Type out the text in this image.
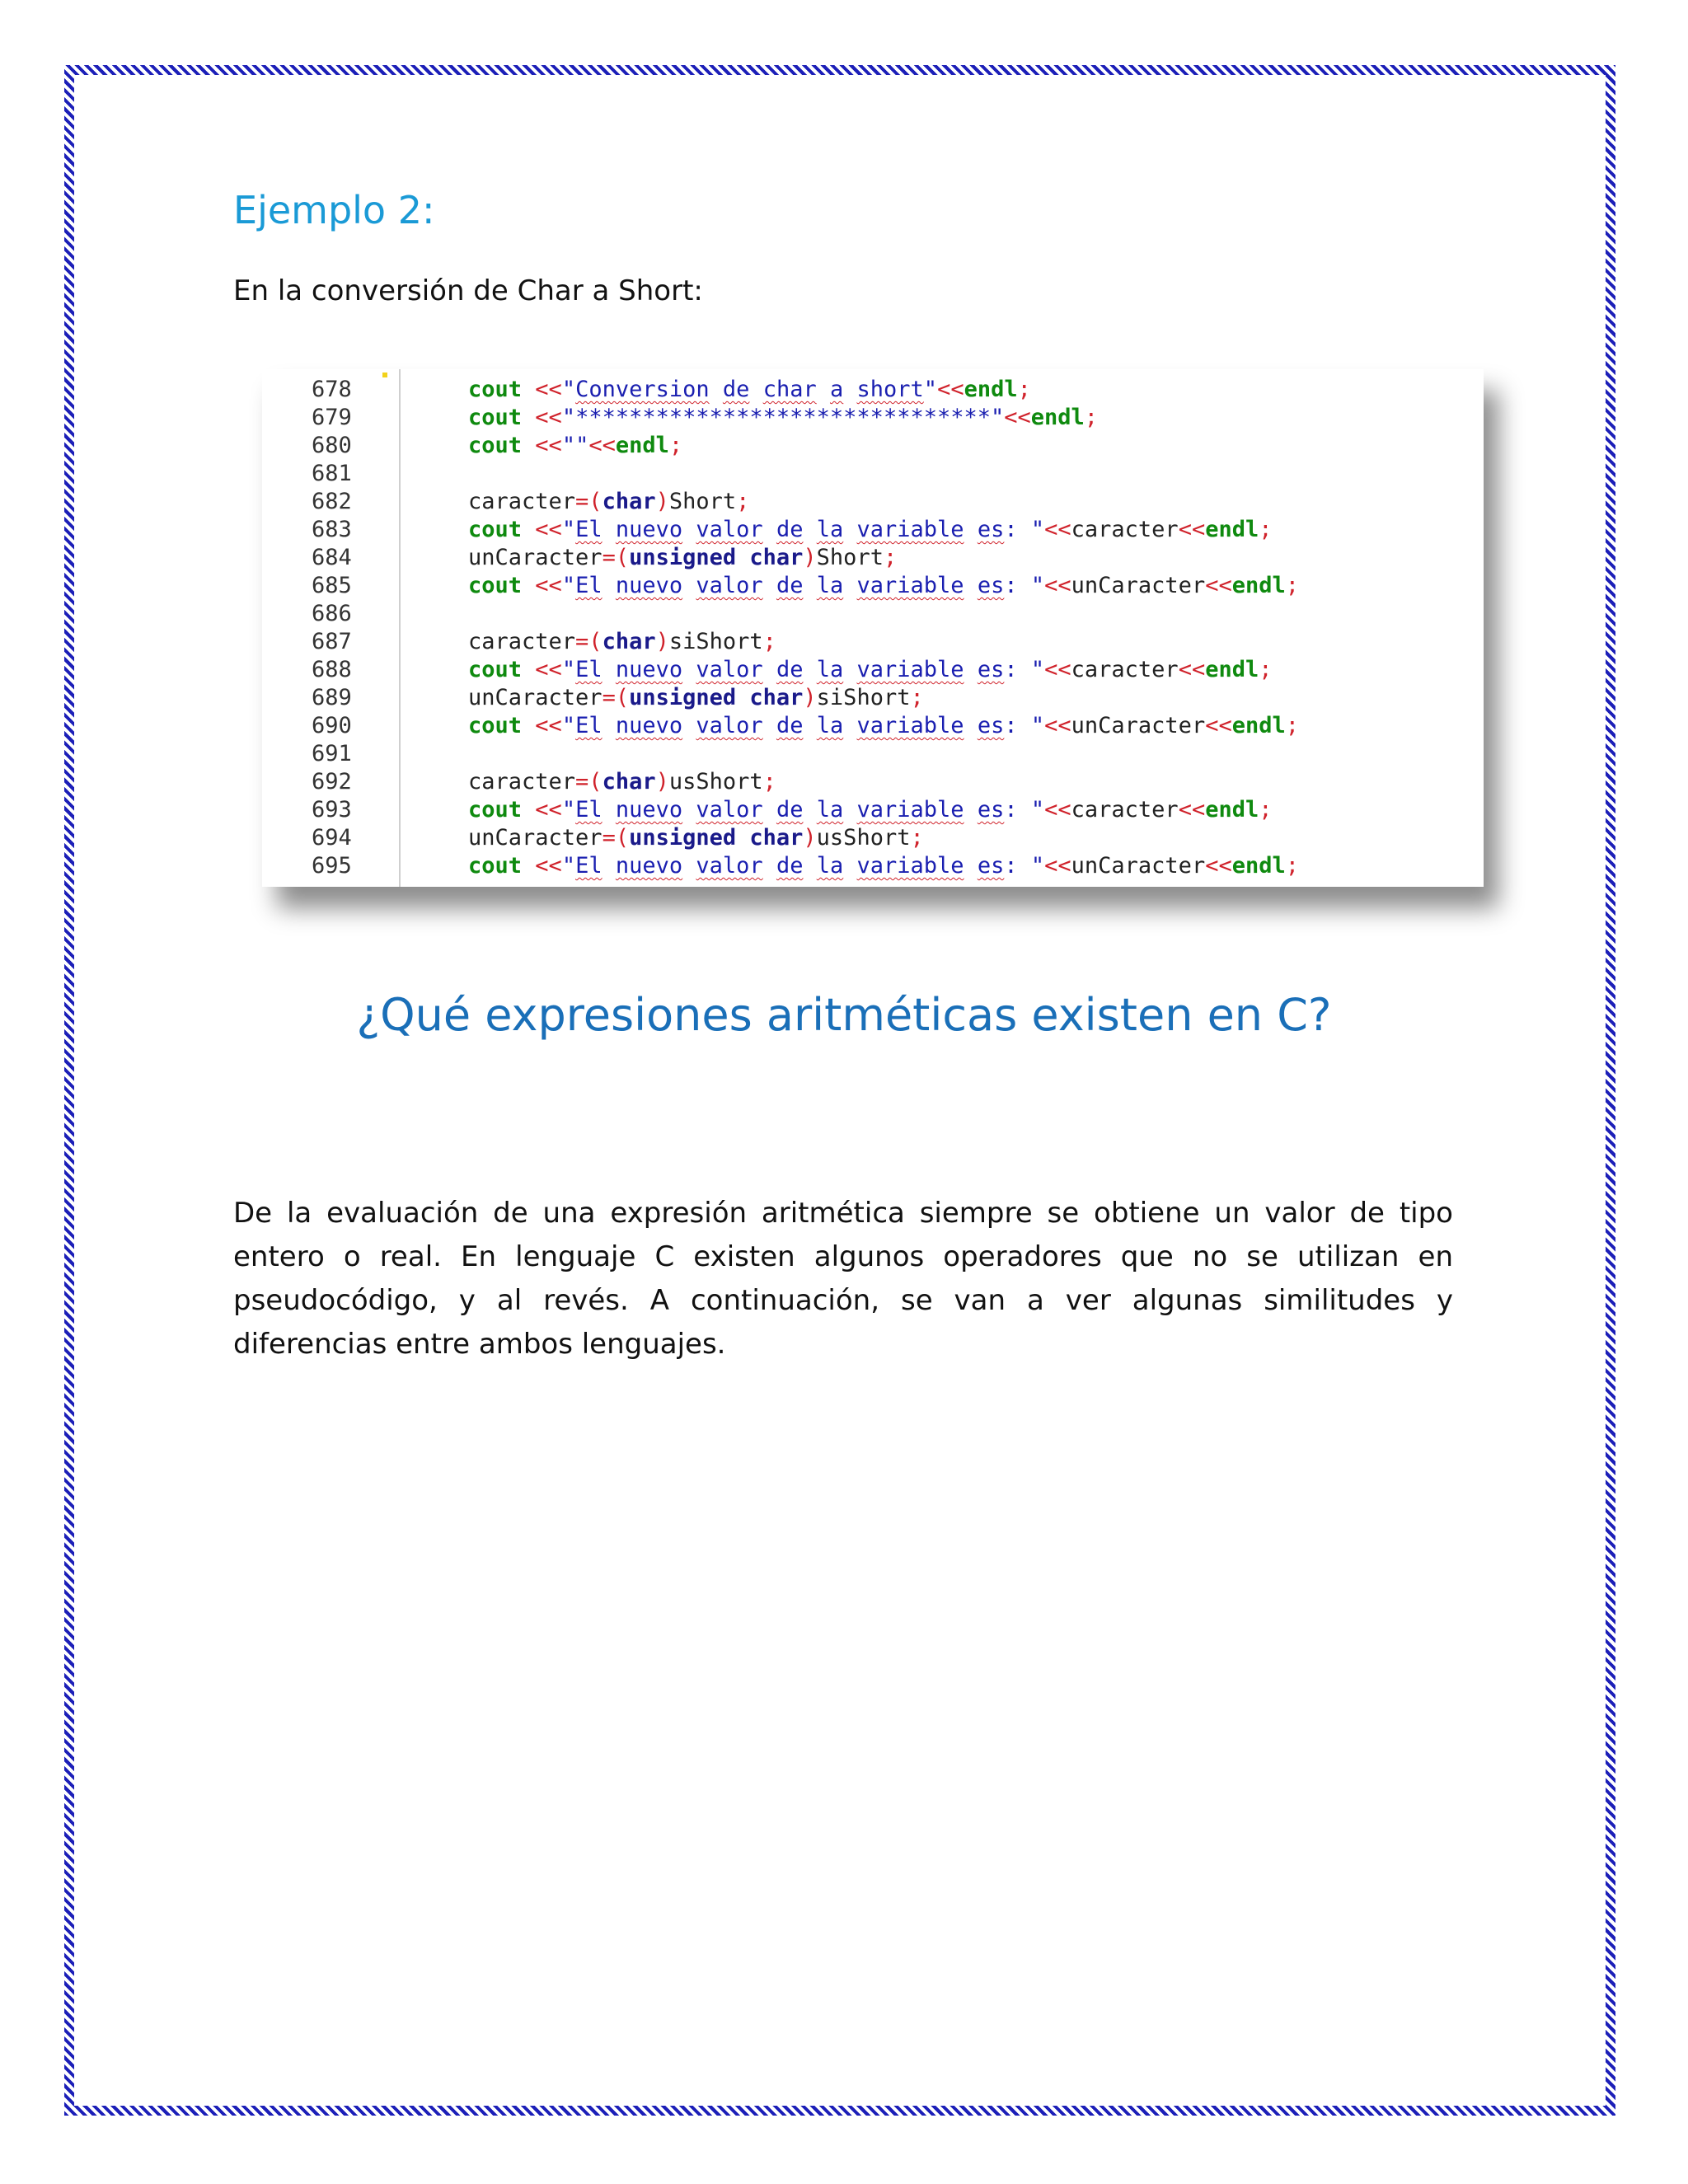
Ejemplo 2:

En la conversión de Char a Short:

678	cout <<"Conversion de char a short"<<endl;
679	cout <<"*******************************"<<endl;
680	cout <<""<<endl;
681
682	caracter=(char)Short;
683	cout <<"El nuevo valor de la variable es: "<<caracter<<endl;
684	unCaracter=(unsigned char)Short;
685	cout <<"El nuevo valor de la variable es: "<<unCaracter<<endl;
686
687	caracter=(char)siShort;
688	cout <<"El nuevo valor de la variable es: "<<caracter<<endl;
689	unCaracter=(unsigned char)siShort;
690	cout <<"El nuevo valor de la variable es: "<<unCaracter<<endl;
691
692	caracter=(char)usShort;
693	cout <<"El nuevo valor de la variable es: "<<caracter<<endl;
694	unCaracter=(unsigned char)usShort;
695	cout <<"El nuevo valor de la variable es: "<<unCaracter<<endl;
¿Qué expresiones aritméticas existen en C?

De la evaluación de una expresión aritmética siempre se obtiene un valor de tipo entero o real. En lenguaje C existen algunos operadores que no se utilizan en pseudocódigo, y al revés. A continuación, se van a ver algunas similitudes y diferencias entre ambos lenguajes.
